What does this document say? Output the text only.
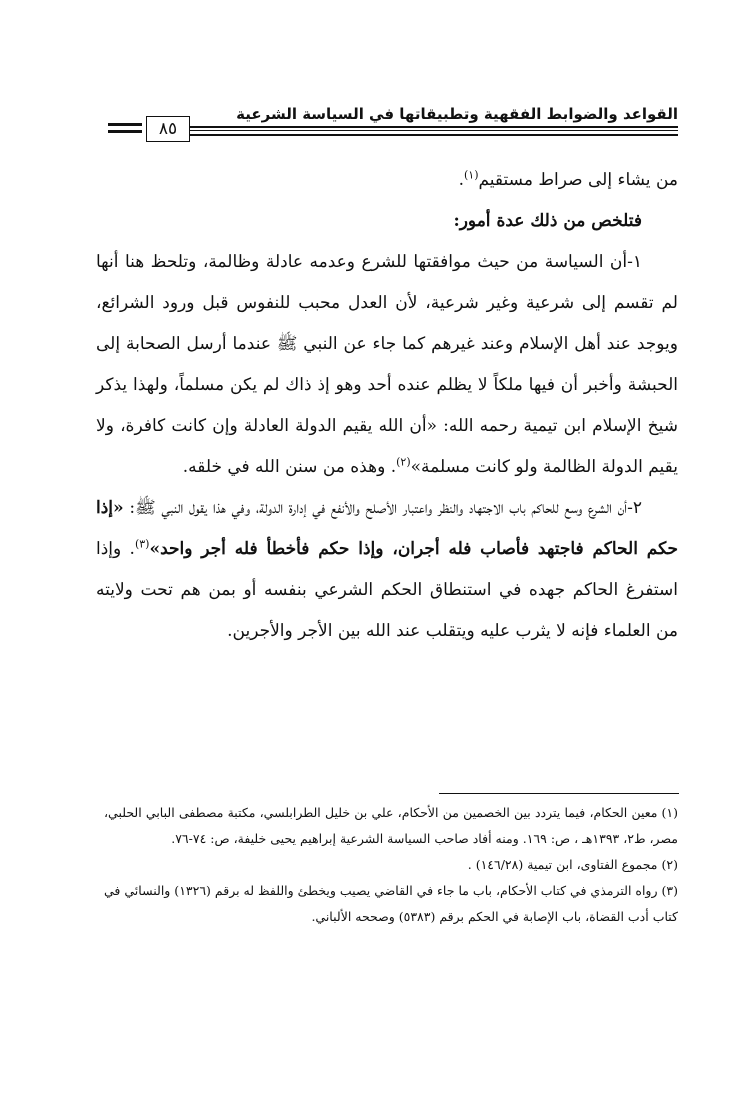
القواعد والضوابط الفقهية وتطبيقاتها في السياسة الشرعية
٨٥

من يشاء إلى صراط مستقيم$^{(١)}$.

فتلخص من ذلك عدة أمور:

١-أن السياسة من حيث موافقتها للشرع وعدمه عادلة وظالمة، وتلحظ هنا أنها لم تقسم إلى شرعية وغير شرعية، لأن العدل محبب للنفوس قبل ورود الشرائع، ويوجد عند أهل الإسلام وعند غيرهم كما جاء عن النبي ﷺ عندما أرسل الصحابة إلى الحبشة وأخبر أن فيها ملكاً لا يظلم عنده أحد وهو إذ ذاك لم يكن مسلماً، ولهذا يذكر شيخ الإسلام ابن تيمية رحمه الله: «أن الله يقيم الدولة العادلة وإن كانت كافرة، ولا يقيم الدولة الظالمة ولو كانت مسلمة»$^{(٢)}$. وهذه من سنن الله في خلقه.

٢-أن الشرع وسع للحاكم باب الاجتهاد والنظر واعتبار الأصلح والأنفع في إدارة الدولة، وفي هذا يقول النبي ﷺ: «إذا حكم الحاكم فاجتهد فأصاب فله أجران، وإذا حكم فأخطأ فله أجر واحد»$^{(٣)}$. وإذا استفرغ الحاكم جهده في استنطاق الحكم الشرعي بنفسه أو بمن هم تحت ولايته من العلماء فإنه لا يثرب عليه ويتقلب عند الله بين الأجر والأجرين.

(١)معين الحكام، فيما يتردد بين الخصمين من الأحكام، علي بن خليل الطرابلسي، مكتبة مصطفى البابي الحلبي، مصر، ط٢، ١٣٩٣هـ ، ص: ١٦٩. ومنه أفاد صاحب السياسة الشرعية إبراهيم يحيى خليفة، ص: ٧٤-٧٦.

(٢)مجموع الفتاوى، ابن تيمية (١٤٦/٢٨) .

(٣)رواه الترمذي في كتاب الأحكام، باب ما جاء في القاضي يصيب ويخطئ واللفظ له برقم (١٣٢٦) والنسائي في كتاب أدب القضاة، باب الإصابة في الحكم برقم (٥٣٨٣) وصححه الألباني.
